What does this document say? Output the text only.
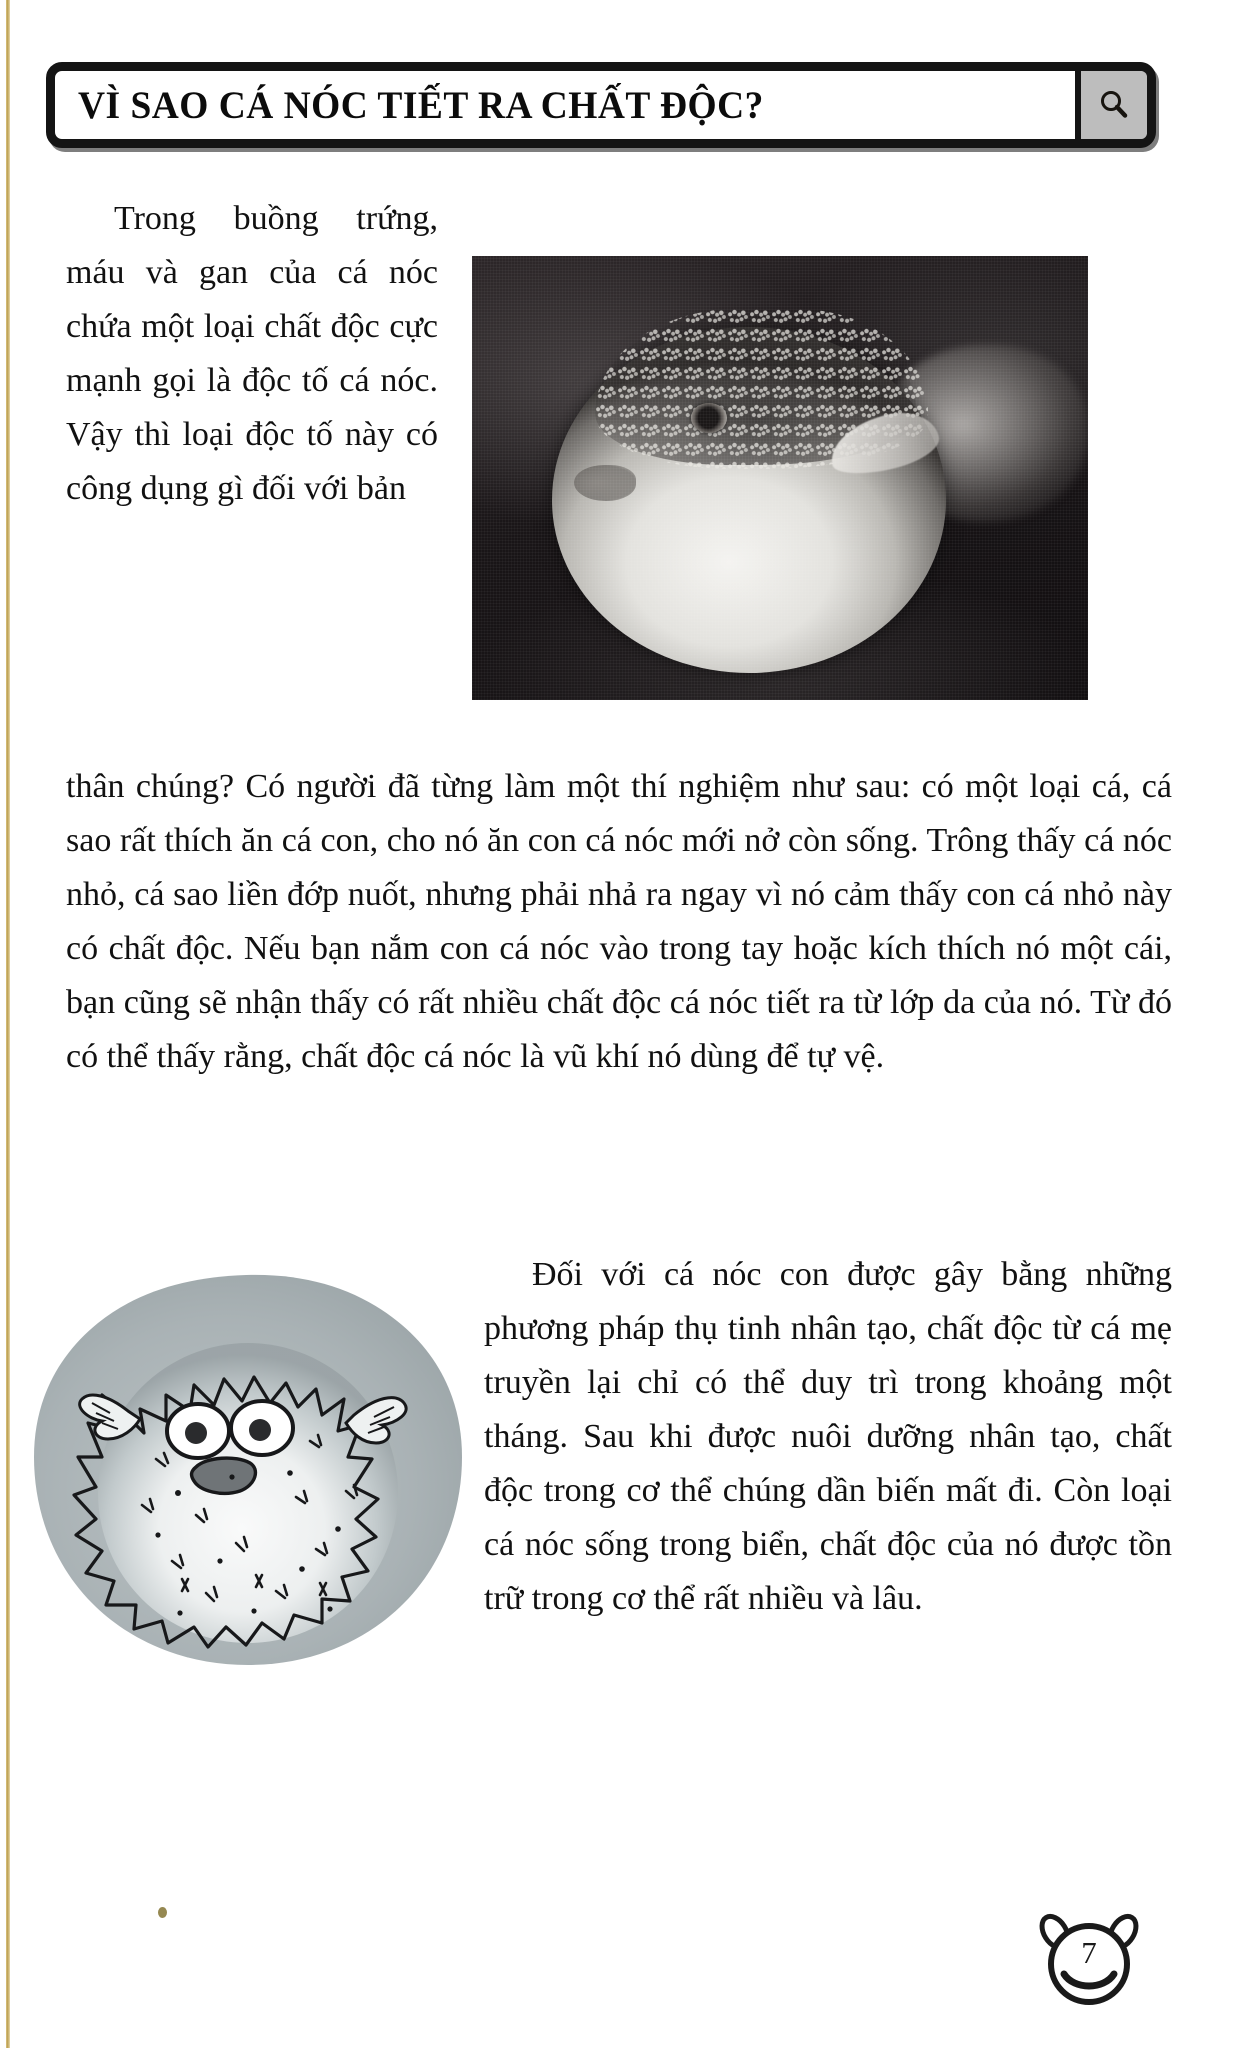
VÌ SAO CÁ NÓC TIẾT RA CHẤT ĐỘC?
Trong buồng trứng, máu và gan của cá nóc chứa một loại chất độc cực mạnh gọi là độc tố cá nóc. Vậy thì loại độc tố này có công dụng gì đối với bản
thân chúng? Có người đã từng làm một thí nghiệm như sau: có một loại cá, cá sao rất thích ăn cá con, cho nó ăn con cá nóc mới nở còn sống. Trông thấy cá nóc nhỏ, cá sao liền đớp nuốt, nhưng phải nhả ra ngay vì nó cảm thấy con cá nhỏ này có chất độc. Nếu bạn nắm con cá nóc vào trong tay hoặc kích thích nó một cái, bạn cũng sẽ nhận thấy có rất nhiều chất độc cá nóc tiết ra từ lớp da của nó. Từ đó có thể thấy rằng, chất độc cá nóc là vũ khí nó dùng để tự vệ.
Đối với cá nóc con được gây bằng những phương pháp thụ tinh nhân tạo, chất độc từ cá mẹ truyền lại chỉ có thể duy trì trong khoảng một tháng. Sau khi được nuôi dưỡng nhân tạo, chất độc trong cơ thể chúng dần biến mất đi. Còn loại cá nóc sống trong biển, chất độc của nó được tồn trữ trong cơ thể rất nhiều và lâu.
7
